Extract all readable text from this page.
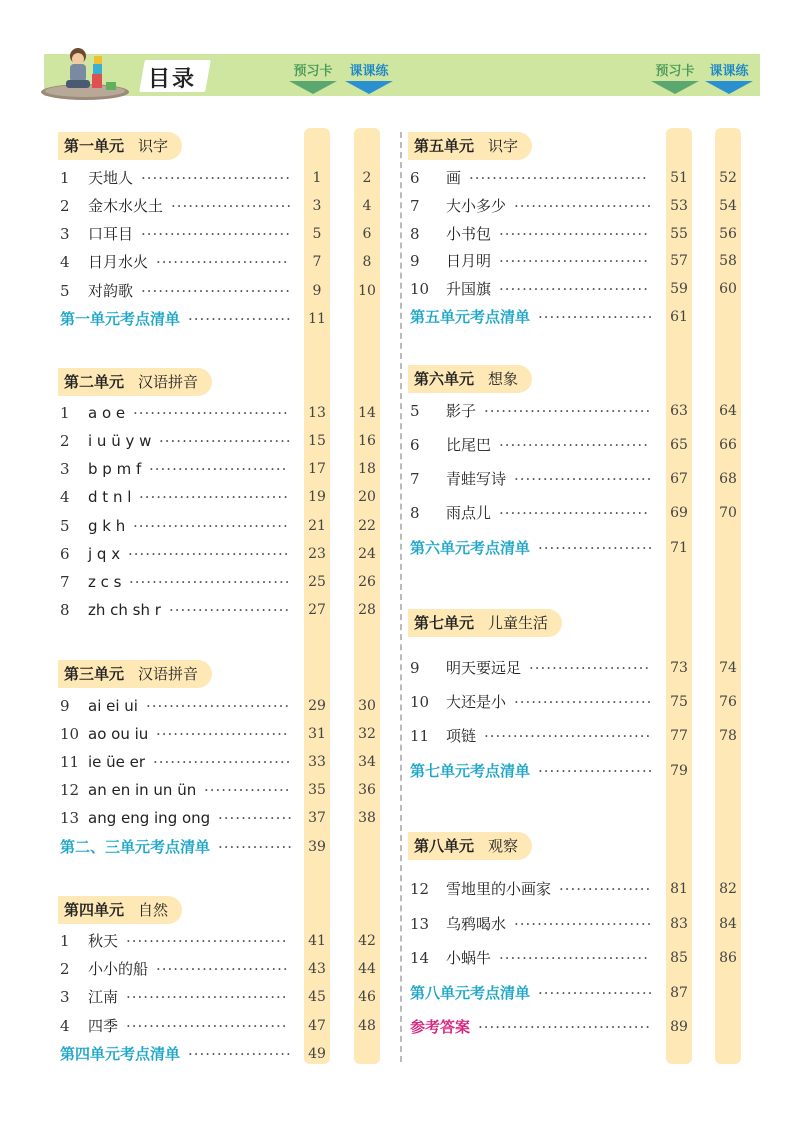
目录	预习卡	课课练	预习卡	课课练
第一单元 识字
1 天地人 ··························	1	2
2 金木水火土 ·····················	3	4
3 口耳目 ··························	5	6
4 日月水火 ·······················	7	8
5 对韵歌 ··························	9	10
第一单元考点清单 ··················	11
第二单元 汉语拼音
1 a o e ···························	13 14
2 i u ü y w ·······················	15 16
3 b p m f ························	17 18
4 d t n l ··························	19 20
5 g k h ···························	21 22
6 j q x ····························	23 24
7 z c s ····························	25 26
8 zh ch sh r ·····················	27 28
第三单元 汉语拼音
9 ai ei ui ·························	29 30
10 ao ou iu ·······················	31 32
11 ie üe er ························	33 34
12 an en in un ün ···············	35 36
13 ang eng ing ong ·············	37 38
第二、三单元考点清单 ·············	39
第四单元 自然
1 秋天 ····························	41 42
2 小小的船 ·······················	43 44
3 江南 ····························	45 46
4 四季 ····························	47 48
第四单元考点清单 ··················	49
第五单元 识字
6 画 ·······························	51 52
7 大小多少 ························	53 54
8 小书包 ··························	55 56
9 日月明 ··························	57 58
10 升国旗 ··························	59 60
第五单元考点清单 ····················	61
第六单元 想象
5 影子 ·····························	63 64
6 比尾巴 ··························	65 66
7 青蛙写诗 ························	67 68
8 雨点儿 ··························	69 70
第六单元考点清单 ····················	71
第七单元 儿童生活
9 明天要远足 ·····················	73 74
10 大还是小 ························	75 76
11 项链 ·····························	77 78
第七单元考点清单 ····················	79
第八单元 观察
12 雪地里的小画家 ················	81 82
13 乌鸦喝水 ························	83 84
14 小蜗牛 ··························	85 86
第八单元考点清单 ····················	87
参考答案 ······························	89
